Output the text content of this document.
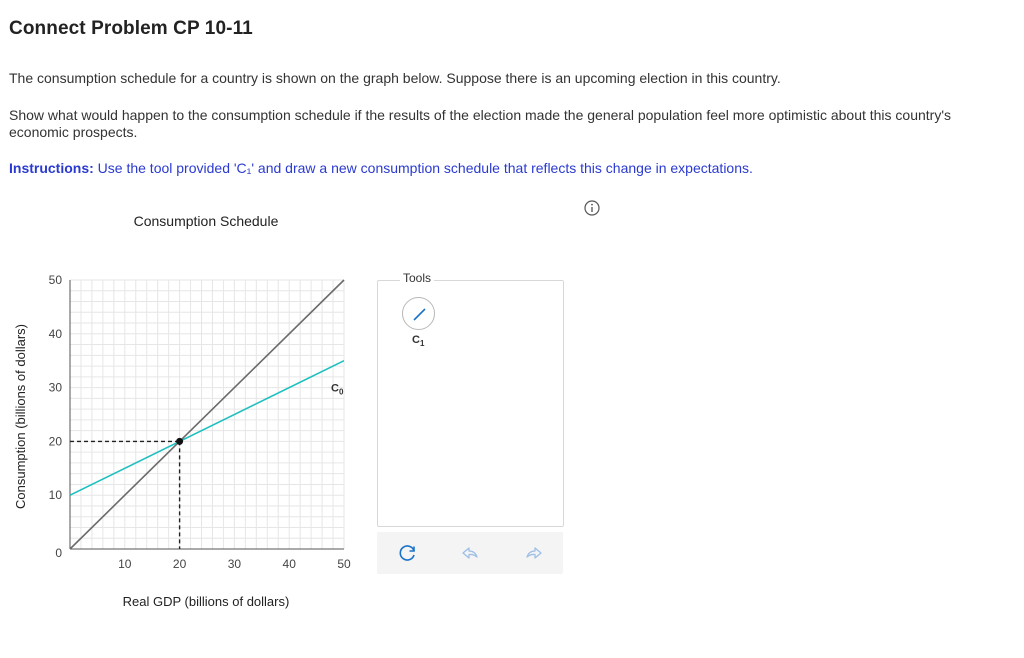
Connect Problem CP 10-11
The consumption schedule for a country is shown on the graph below. Suppose there is an upcoming election in this country.
Show what would happen to the consumption schedule if the results of the election made the general population feel more optimistic about this country's economic prospects.
Instructions: Use the tool provided 'C₁' and draw a new consumption schedule that reflects this change in expectations.
Consumption Schedule
10	20	30	40	50
0
10
20
30
40
50
Real GDP (billions of dollars)
Consumption (billions of dollars)	$C_0$
Tools
$C_1$
